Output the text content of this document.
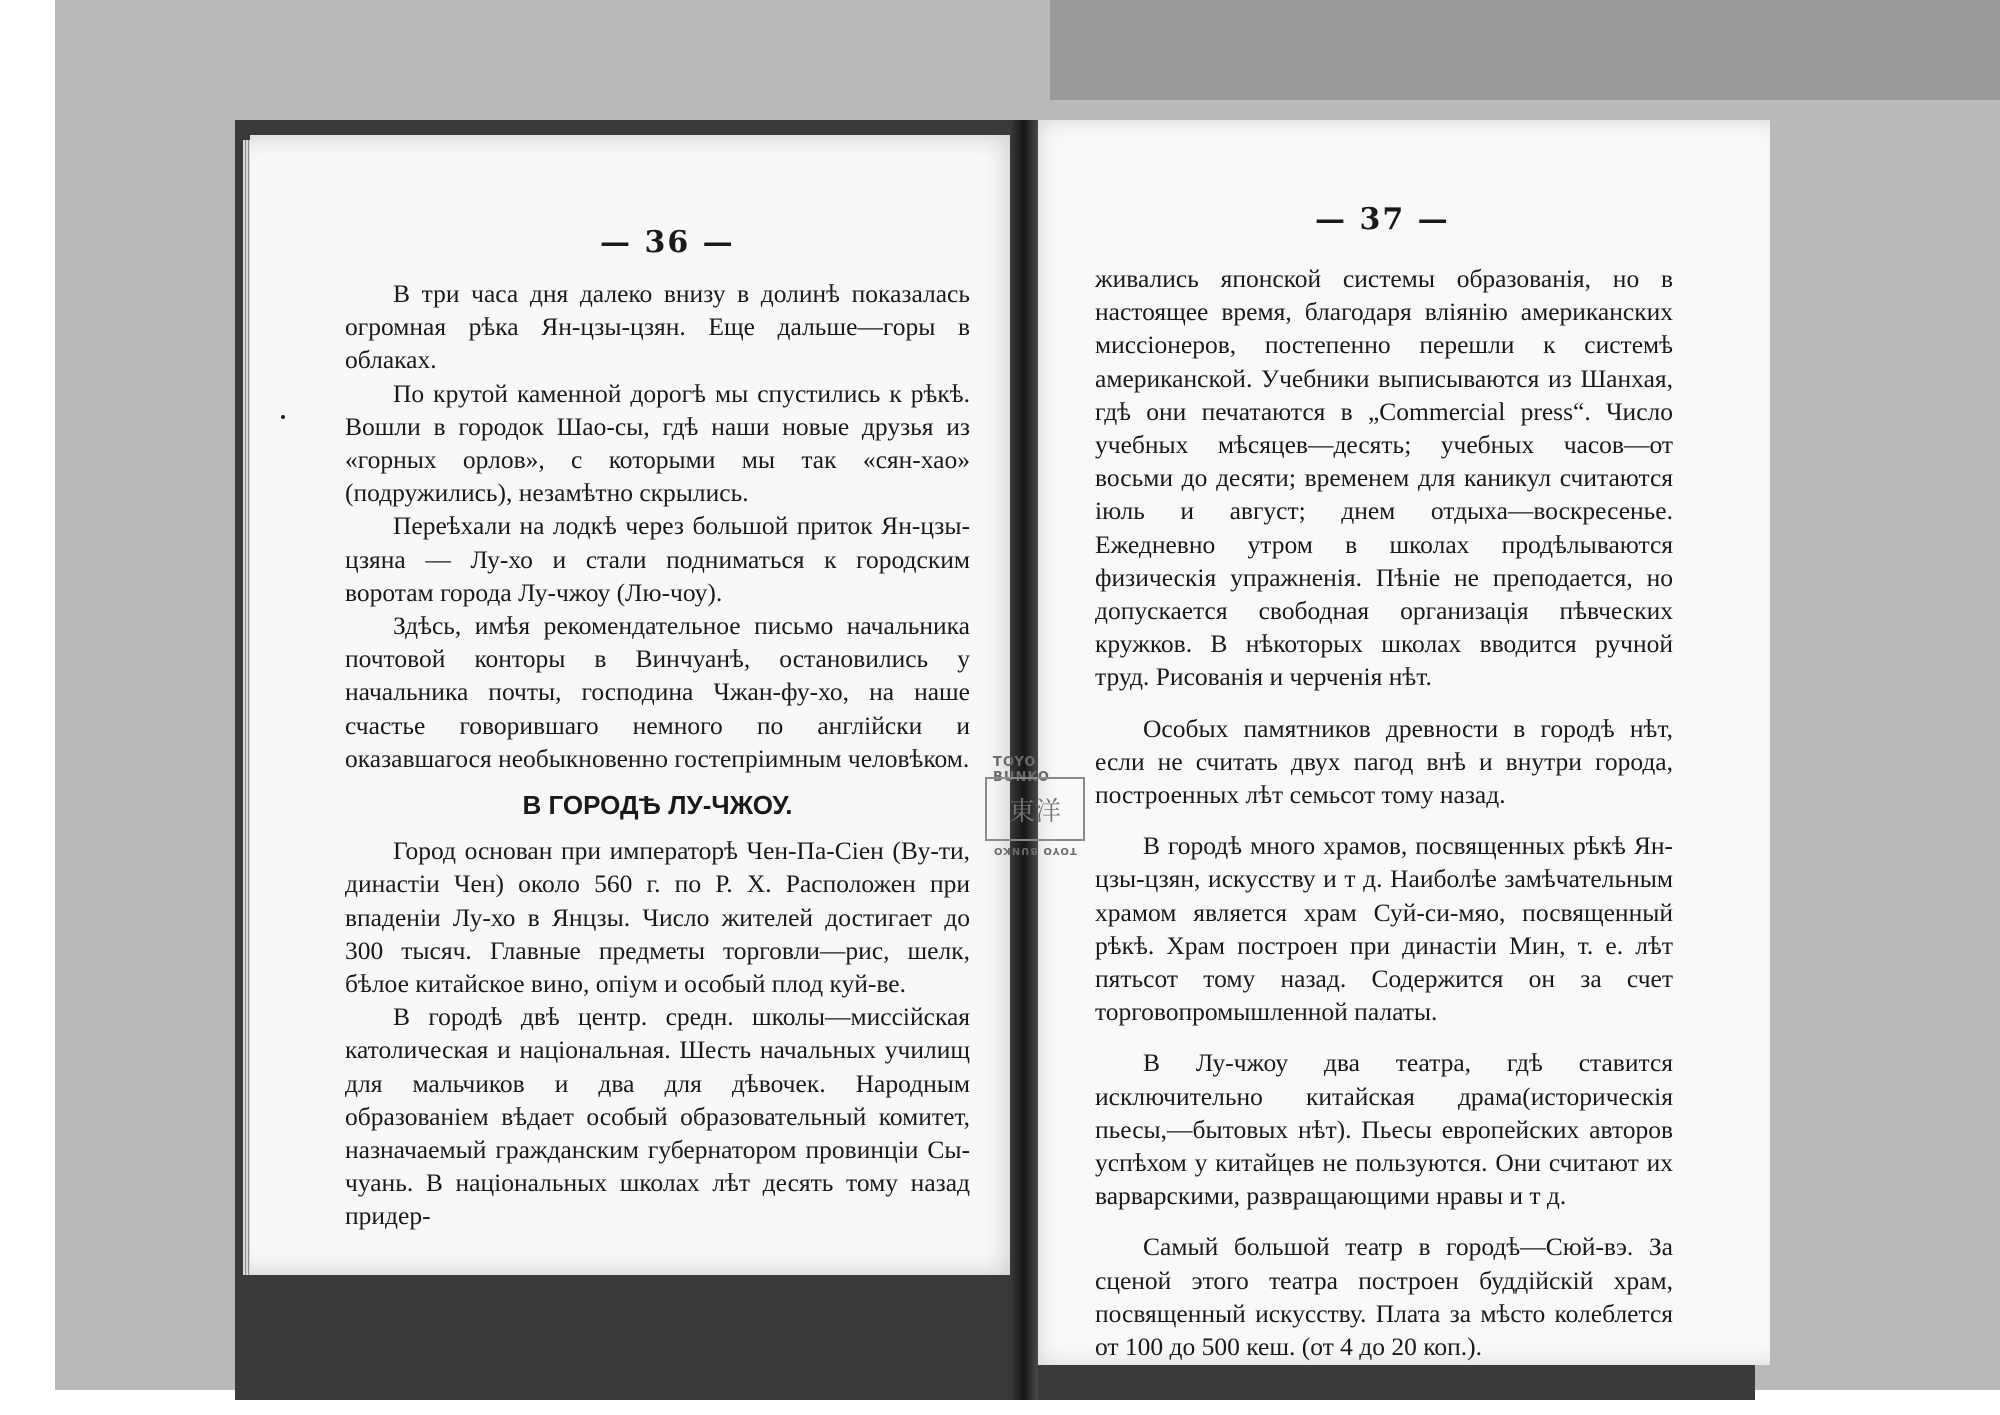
— 36 —

В три часа дня далеко внизу в долинѣ показалась огромная рѣка Ян-цзы-цзян. Еще дальше—горы в облаках.

По крутой каменной дорогѣ мы спустились к рѣкѣ. Вошли в городок Шао-сы, гдѣ наши новые друзья из «горных орлов», с которыми мы так «сян-хао» (подружились), незамѣтно скрылись.

Переѣхали на лодкѣ через большой приток Ян-цзы-цзяна — Лу-хо и стали подниматься к городским воротам города Лу-чжоу (Лю-чоу).

Здѣсь, имѣя рекомендательное письмо начальника почтовой конторы в Винчуанѣ, остановились у начальника почты, господина Чжан-фу-хо, на наше счастье говорившаго немного по англійски и оказавшагося необыкновенно гостепріимным человѣком.

В ГОРОДѢ ЛУ-ЧЖОУ.

Город основан при императорѣ Чен-Па-Сіен (Ву-ти, династіи Чен) около 560 г. по Р. Х. Расположен при впаденіи Лу-хо в Янцзы. Число жителей достигает до 300 тысяч. Главные предметы торговли—рис, шелк, бѣлое китайское вино, опіум и особый плод куй-ве.

В городѣ двѣ центр. средн. школы—миссійская католическая и національная. Шесть начальных училищ для мальчиков и два для дѣвочек. Народным образованіем вѣдает особый образовательный комитет, назначаемый гражданским губернатором провинціи Сы-чуань. В національных школах лѣт десять тому назад придер-

— 37 —

живались японской системы образованія, но в настоящее время, благодаря вліянію американских миссіонеров, постепенно перешли к системѣ американской. Учебники выписываются из Шанхая, гдѣ они печатаются в „Commercial press“. Число учебных мѣсяцев—десять; учебных часов—от восьми до десяти; временем для каникул считаются іюль и август; днем отдыха—воскресенье. Ежедневно утром в школах продѣлываются физическія упражненія. Пѣніе не преподается, но допускается свободная организація пѣвческих кружков. В нѣкоторых школах вводится ручной труд. Рисованія и черченія нѣт.

Особых памятников древности в городѣ нѣт, если не считать двух пагод внѣ и внутри города, построенных лѣт семьсот тому назад.

В городѣ много храмов, посвященных рѣкѣ Ян-цзы-цзян, искусству и т д. Наиболѣе замѣчательным храмом является храм Суй-си-мяо, посвященный рѣкѣ. Храм построен при династіи Мин, т. е. лѣт пятьсот тому назад. Содержится он за счет торговопромышленной палаты.

В Лу-чжоу два театра, гдѣ ставится исключительно китайская драма(историческія пьесы,—бытовых нѣт). Пьесы европейских авторов успѣхом у китайцев не пользуются. Они считают их варварскими, развращающими нравы и т д.

Самый большой театр в городѣ—Сюй-вэ. За сценой этого театра построен буддійскій храм, посвященный искусству. Плата за мѣсто колеблется от 100 до 500 кеш. (от 4 до 20 коп.).

TOYO BUNKO
東洋
TOYO BUNKO
